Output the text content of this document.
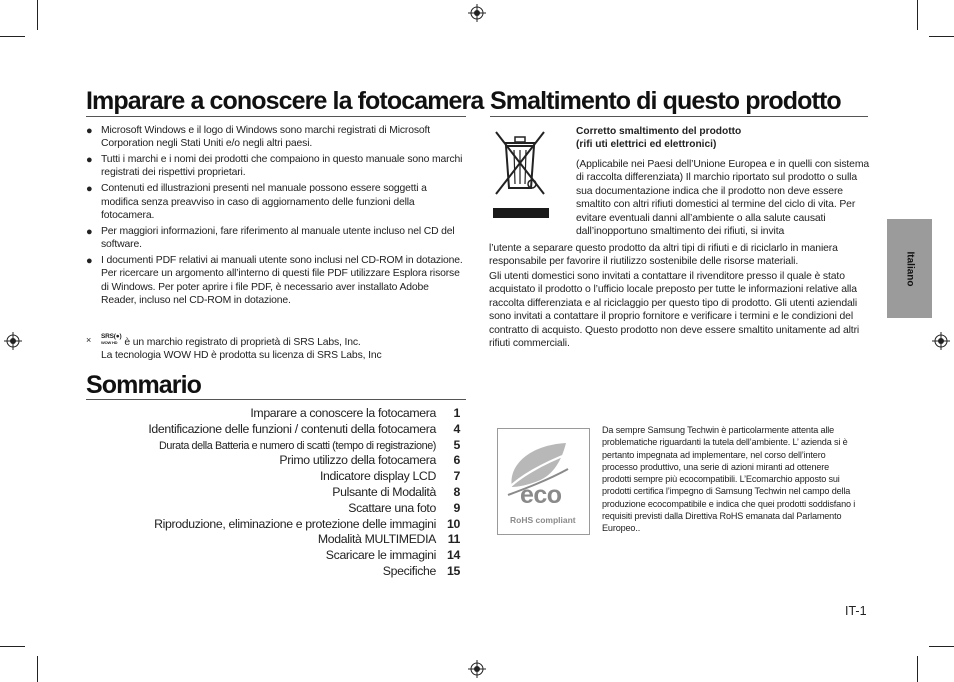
Imparare a conoscere la fotocamera
● Microsoft Windows e il logo di Windows sono marchi registrati di Microsoft Corporation negli Stati Uniti e/o negli altri paesi.
● Tutti i marchi e i nomi dei prodotti che compaiono in questo manuale sono marchi registrati dei rispettivi proprietari.
● Contenuti ed illustrazioni presenti nel manuale possono essere soggetti a modifica senza preavviso in caso di aggiornamento delle funzioni della fotocamera.
● Per maggiori informazioni, fare riferimento al manuale utente incluso nel CD del software.
● I documenti PDF relativi ai manuali utente sono inclusi nel CD-ROM in dotazione. Per ricercare un argomento all’interno di questi file PDF utilizzare Esplora risorse di Windows. Per poter aprire i file PDF, è necessario aver installato Adobe Reader, incluso nel CD-ROM in dotazione.
×	SRS(●)
WOW HD è un marchio registrato di proprietà di SRS Labs, Inc.
La tecnologia WOW HD è prodotta su licenza di SRS Labs, Inc
Sommario
Imparare a conoscere la fotocamera	1
Identificazione delle funzioni / contenuti della fotocamera	4
Durata della Batteria e numero di scatti (tempo di registrazione)	5
Primo utilizzo della fotocamera	6
Indicatore display LCD	7
Pulsante di Modalità	8
Scattare una foto	9
Riproduzione, eliminazione e protezione delle immagini 10
Modalità MULTIMEDIA 11
Scaricare le immagini 14
Specifiche 15
Smaltimento di questo prodotto
Corretto smaltimento del prodotto
(rifi uti elettrici ed elettronici)
(Applicabile nei Paesi dell’Unione Europea e in quelli con sistema di raccolta differenziata) Il marchio riportato sul prodotto o sulla sua documentazione indica che il prodotto non deve essere smaltito con altri rifiuti domestici al termine del ciclo di vita. Per evitare eventuali danni all’ambiente o alla salute causati dall’inopportuno smaltimento dei rifiuti, si invita
l’utente a separare questo prodotto da altri tipi di rifiuti e di riciclarlo in maniera responsabile per favorire il riutilizzo sostenibile delle risorse materiali.
Gli utenti domestici sono invitati a contattare il rivenditore presso il quale è stato acquistato il prodotto o l’ufficio locale preposto per tutte le informazioni relative alla raccolta differenziata e al riciclaggio per questo tipo di prodotto. Gli utenti aziendali sono invitati a contattare il proprio fornitore e verificare i termini e le condizioni del contratto di acquisto. Questo prodotto non deve essere smaltito unitamente ad altri rifiuti commerciali.
Italiano
eco
RoHS compliant
Da sempre Samsung Techwin è particolarmente attenta alle problematiche riguardanti la tutela dell’ambiente. L’ azienda si è pertanto impegnata ad implementare, nel corso dell’intero processo produttivo, una serie di azioni miranti ad ottenere prodotti sempre più ecocompatibili. L’Ecomarchio apposto sui prodotti certifica l’impegno di Samsung Techwin nel campo della produzione ecocompatibile e indica che quei prodotti soddisfano i requisiti previsti dalla Direttiva RoHS emanata dal Parlamento Europeo..
IT-1
